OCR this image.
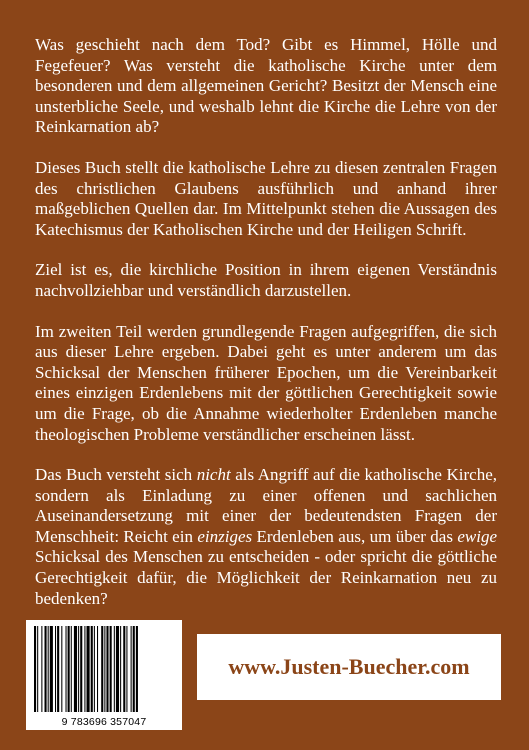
Was geschieht nach dem Tod? Gibt es Himmel, Hölle und Fegefeuer? Was versteht die katholische Kirche unter dem besonderen und dem allgemeinen Gericht? Besitzt der Mensch eine unsterbliche Seele, und weshalb lehnt die Kirche die Lehre von der Reinkarnation ab?

Dieses Buch stellt die katholische Lehre zu diesen zentralen Fragen des christlichen Glaubens ausführlich und anhand ihrer maßgeblichen Quellen dar. Im Mittelpunkt stehen die Aussagen des Katechismus der Katholischen Kirche und der Heiligen Schrift.

Ziel ist es, die kirchliche Position in ihrem eigenen Verständnis nachvollziehbar und verständlich darzustellen.

Im zweiten Teil werden grundlegende Fragen aufgegriffen, die sich aus dieser Lehre ergeben. Dabei geht es unter anderem um das Schicksal der Menschen früherer Epochen, um die Vereinbarkeit eines einzigen Erdenlebens mit der göttlichen Gerechtigkeit sowie um die Frage, ob die Annahme wiederholter Erdenleben manche theologischen Probleme verständlicher erscheinen lässt.

Das Buch versteht sich nicht als Angriff auf die katholische Kirche, sondern als Einladung zu einer offenen und sachlichen Auseinandersetzung mit einer der bedeutendsten Fragen der Menschheit: Reicht ein einziges Erdenleben aus, um über das ewige Schicksal des Menschen zu entscheiden - oder spricht die göttliche Gerechtigkeit dafür, die Möglichkeit der Reinkarnation neu zu bedenken?

9 783696 357047
www.Justen-Buecher.com
